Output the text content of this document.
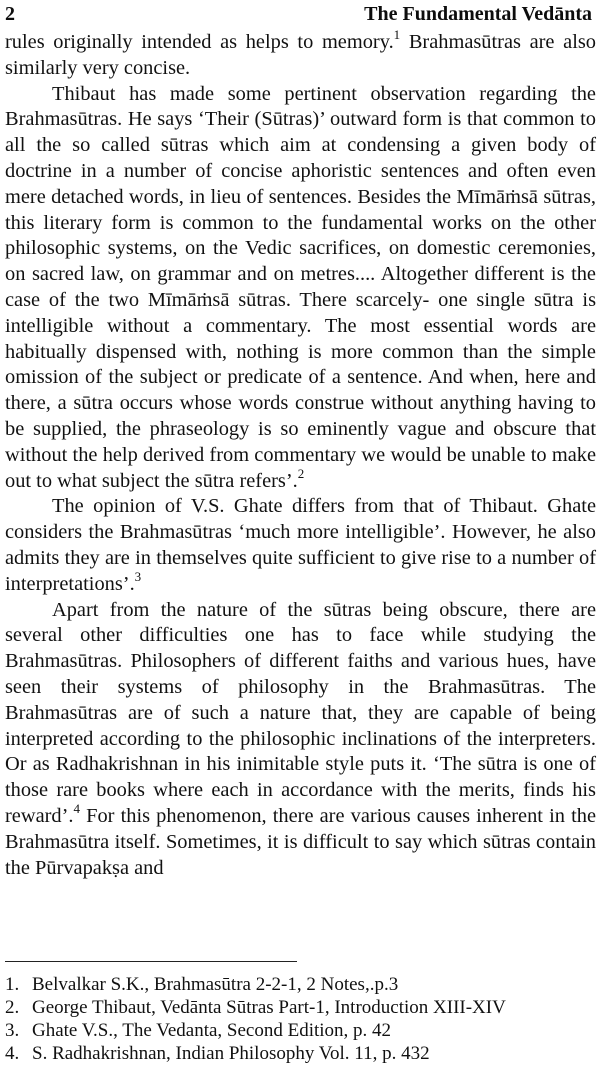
2	The Fundamental Vedānta

rules originally intended as helps to memory.$^1$ Brahmasūtras are also similarly very concise.

Thibaut has made some pertinent observation regarding the Brahmasūtras. He says ‘Their (Sūtras)’ outward form is that common to all the so called sūtras which aim at condensing a given body of doctrine in a number of concise aphoristic sentences and often even mere detached words, in lieu of sentences. Besides the Mīmāṁsā sūtras, this literary form is common to the fundamental works on the other philosophic systems, on the Vedic sacrifices, on domestic ceremonies, on sacred law, on grammar and on metres.... Altogether different is the case of the two Mīmāṁsā sūtras. There scarcely- one single sūtra is intelligible without a commentary. The most essential words are habitually dispensed with, nothing is more common than the simple omission of the subject or predicate of a sentence. And when, here and there, a sūtra occurs whose words construe without anything having to be supplied, the phraseology is so eminently vague and obscure that without the help derived from commentary we would be unable to make out to what subject the sūtra refers’.$^2$

The opinion of V.S. Ghate differs from that of Thibaut. Ghate considers the Brahmasūtras ‘much more intelligible’. However, he also admits they are in themselves quite sufficient to give rise to a number of interpretations’.$^3$

Apart from the nature of the sūtras being obscure, there are several other difficulties one has to face while studying the Brahmasūtras. Philosophers of different faiths and various hues, have seen their systems of philosophy in the Brahmasūtras. The Brahmasūtras are of such a nature that, they are capable of being interpreted according to the philosophic inclinations of the interpreters. Or as Radhakrishnan in his inimitable style puts it. ‘The sūtra is one of those rare books where each in accordance with the merits, finds his reward’.$^4$ For this phenomenon, there are various causes inherent in the Brahmasūtra itself. Sometimes, it is difficult to say which sūtras contain the Pūrvapakṣa and

1. Belvalkar S.K., Brahmasūtra 2-2-1, 2 Notes,.p.3
2. George Thibaut, Vedānta Sūtras Part-1, Introduction XIII-XIV
3. Ghate V.S., The Vedanta, Second Edition, p. 42
4. S. Radhakrishnan, Indian Philosophy Vol. 11, p. 432
